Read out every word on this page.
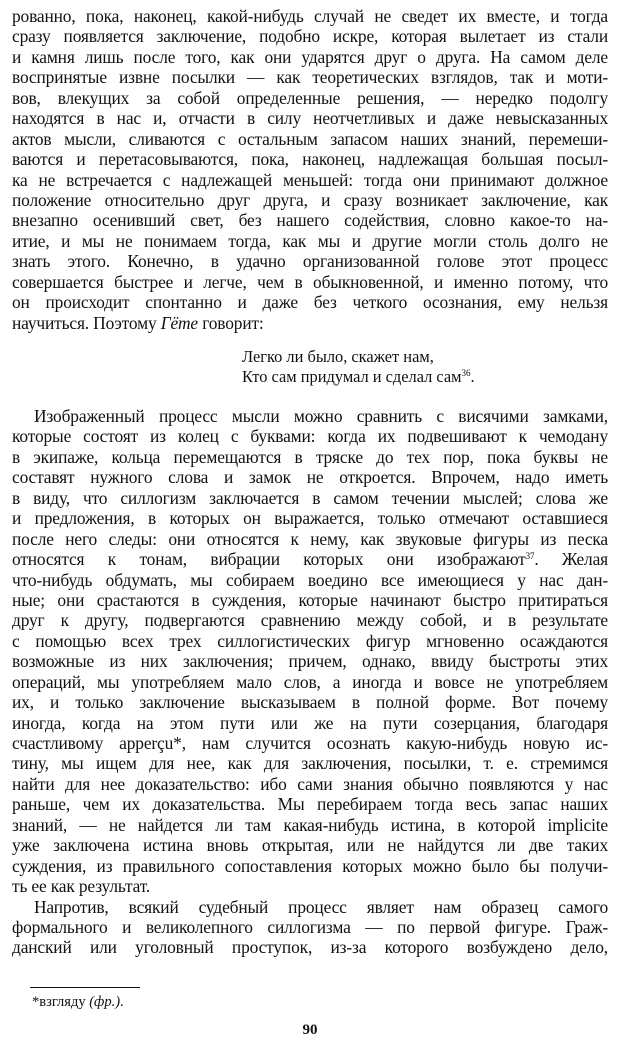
рованно, пока, наконец, какой-нибудь случай не сведет их вместе, и тогда
сразу появляется заключение, подобно искре, которая вылетает из стали
и камня лишь после того, как они ударятся друг о друга. На самом деле
воспринятые извне посылки — как теоретических взглядов, так и моти-
вов, влекущих за собой определенные решения, — нередко подолгу
находятся в нас и, отчасти в силу неотчетливых и даже невысказанных
актов мысли, сливаются с остальным запасом наших знаний, перемеши-
ваются и перетасовываются, пока, наконец, надлежащая большая посыл-
ка не встречается с надлежащей меньшей: тогда они принимают должное
положение относительно друг друга, и сразу возникает заключение, как
внезапно осенивший свет, без нашего содействия, словно какое-то на-
итие, и мы не понимаем тогда, как мы и другие могли столь долго не
знать этого. Конечно, в удачно организованной голове этот процесс
совершается быстрее и легче, чем в обыкновенной, и именно потому, что
он происходит спонтанно и даже без четкого осознания, ему нельзя
научиться. Поэтому Гёте говорит:
Легко ли было, скажет нам,
Кто сам придумал и сделал сам$^{36}$.
Изображенный процесс мысли можно сравнить с висячими замками,
которые состоят из колец с буквами: когда их подвешивают к чемодану
в экипаже, кольца перемещаются в тряске до тех пор, пока буквы не
составят нужного слова и замок не откроется. Впрочем, надо иметь
в виду, что силлогизм заключается в самом течении мыслей; слова же
и предложения, в которых он выражается, только отмечают оставшиеся
после него следы: они относятся к нему, как звуковые фигуры из песка
относятся к тонам, вибрации которых они изображают$^{37}$. Желая
что-нибудь обдумать, мы собираем воедино все имеющиеся у нас дан-
ные; они срастаются в суждения, которые начинают быстро притираться
друг к другу, подвергаются сравнению между собой, и в результате
с помощью всех трех силлогистических фигур мгновенно осаждаются
возможные из них заключения; причем, однако, ввиду быстроты этих
операций, мы употребляем мало слов, а иногда и вовсе не употребляем
их, и только заключение высказываем в полной форме. Вот почему
иногда, когда на этом пути или же на пути созерцания, благодаря
счастливому apperçu*, нам случится осознать какую-нибудь новую ис-
тину, мы ищем для нее, как для заключения, посылки, т. е. стремимся
найти для нее доказательство: ибо сами знания обычно появляются у нас
раньше, чем их доказательства. Мы перебираем тогда весь запас наших
знаний, — не найдется ли там какая-нибудь истина, в которой implicite
уже заключена истина вновь открытая, или не найдутся ли две таких
суждения, из правильного сопоставления которых можно было бы получи-
ть ее как результат.
Напротив, всякий судебный процесс являет нам образец самого
формального и великолепного силлогизма — по первой фигуре. Граж-
данский или уголовный проступок, из-за которого возбуждено дело,
*взгляду (фр.).
90
